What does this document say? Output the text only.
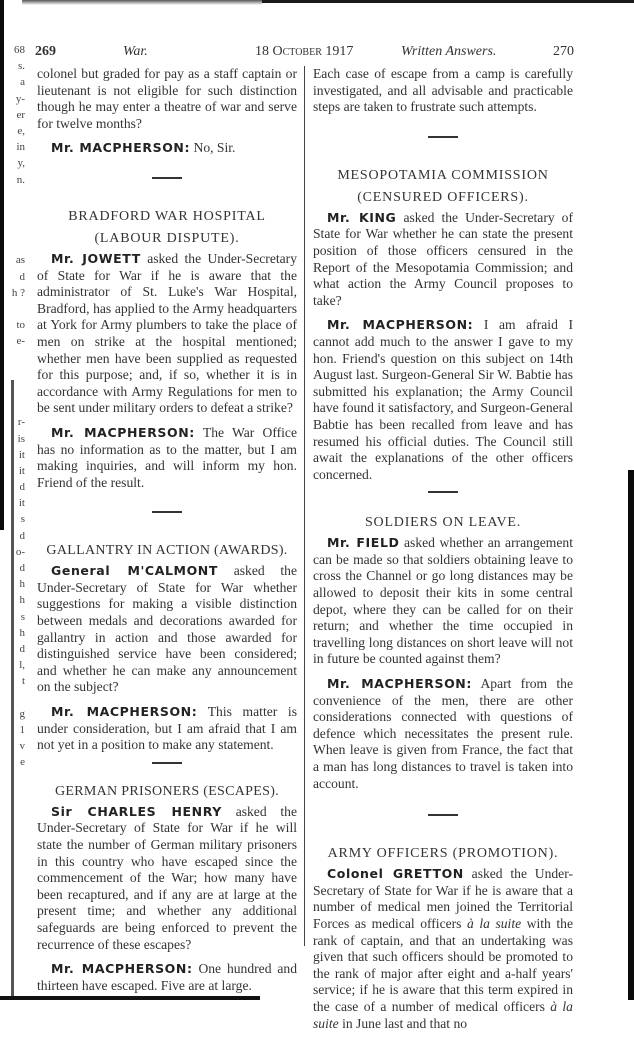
68
s.
a
y-
er
e,
in
y,
n.
as
d
h ?
to
e-
r-
is
it
it
d
it
s
d
o-
d
h
h
s
h
d
l,
t
g
1
v
e
269	War.	18 October 1917	Written Answers.	270

colonel but graded for pay as a staff captain or lieutenant is not eligible for such distinction though he may enter a theatre of war and serve for twelve months?

Mr. MACPHERSON: No, Sir.

BRADFORD WAR HOSPITAL
(LABOUR DISPUTE).

Mr. JOWETT asked the Under-Secretary of State for War if he is aware that the administrator of St. Luke's War Hospital, Bradford, has applied to the Army headquarters at York for Army plumbers to take the place of men on strike at the hospital mentioned; whether men have been supplied as requested for this purpose; and, if so, whether it is in accordance with Army Regulations for men to be sent under military orders to defeat a strike?

Mr. MACPHERSON: The War Office has no information as to the matter, but I am making inquiries, and will inform my hon. Friend of the result.

GALLANTRY IN ACTION (AWARDS).

General M'CALMONT asked the Under-Secretary of State for War whether suggestions for making a visible distinction between medals and decorations awarded for gallantry in action and those awarded for distinguished service have been considered; and whether he can make any announcement on the subject?

Mr. MACPHERSON: This matter is under consideration, but I am afraid that I am not yet in a position to make any statement.

GERMAN PRISONERS (ESCAPES).

Sir CHARLES HENRY asked the Under-Secretary of State for War if he will state the number of German military prisoners in this country who have escaped since the commencement of the War; how many have been recaptured, and if any are at large at the present time; and whether any additional safeguards are being enforced to prevent the recurrence of these escapes?

Mr. MACPHERSON: One hundred and thirteen have escaped. Five are at large.

Each case of escape from a camp is carefully investigated, and all advisable and practicable steps are taken to frustrate such attempts.

MESOPOTAMIA COMMISSION
(CENSURED OFFICERS).

Mr. KING asked the Under-Secretary of State for War whether he can state the present position of those officers censured in the Report of the Mesopotamia Commission; and what action the Army Council proposes to take?

Mr. MACPHERSON: I am afraid I cannot add much to the answer I gave to my hon. Friend's question on this subject on 14th August last. Surgeon-General Sir W. Babtie has submitted his explanation; the Army Council have found it satisfactory, and Surgeon-General Babtie has been recalled from leave and has resumed his official duties. The Council still await the explanations of the other officers concerned.

SOLDIERS ON LEAVE.

Mr. FIELD asked whether an arrangement can be made so that soldiers obtaining leave to cross the Channel or go long distances may be allowed to deposit their kits in some central depot, where they can be called for on their return; and whether the time occupied in travelling long distances on short leave will not in future be counted against them?

Mr. MACPHERSON: Apart from the convenience of the men, there are other considerations connected with questions of defence which necessitates the present rule. When leave is given from France, the fact that a man has long distances to travel is taken into account.

ARMY OFFICERS (PROMOTION).

Colonel GRETTON asked the Under-Secretary of State for War if he is aware that a number of medical men joined the Territorial Forces as medical officers à la suite with the rank of captain, and that an undertaking was given that such officers should be promoted to the rank of major after eight and a-half years' service; if he is aware that this term expired in the case of a number of medical officers à la suite in June last and that no
